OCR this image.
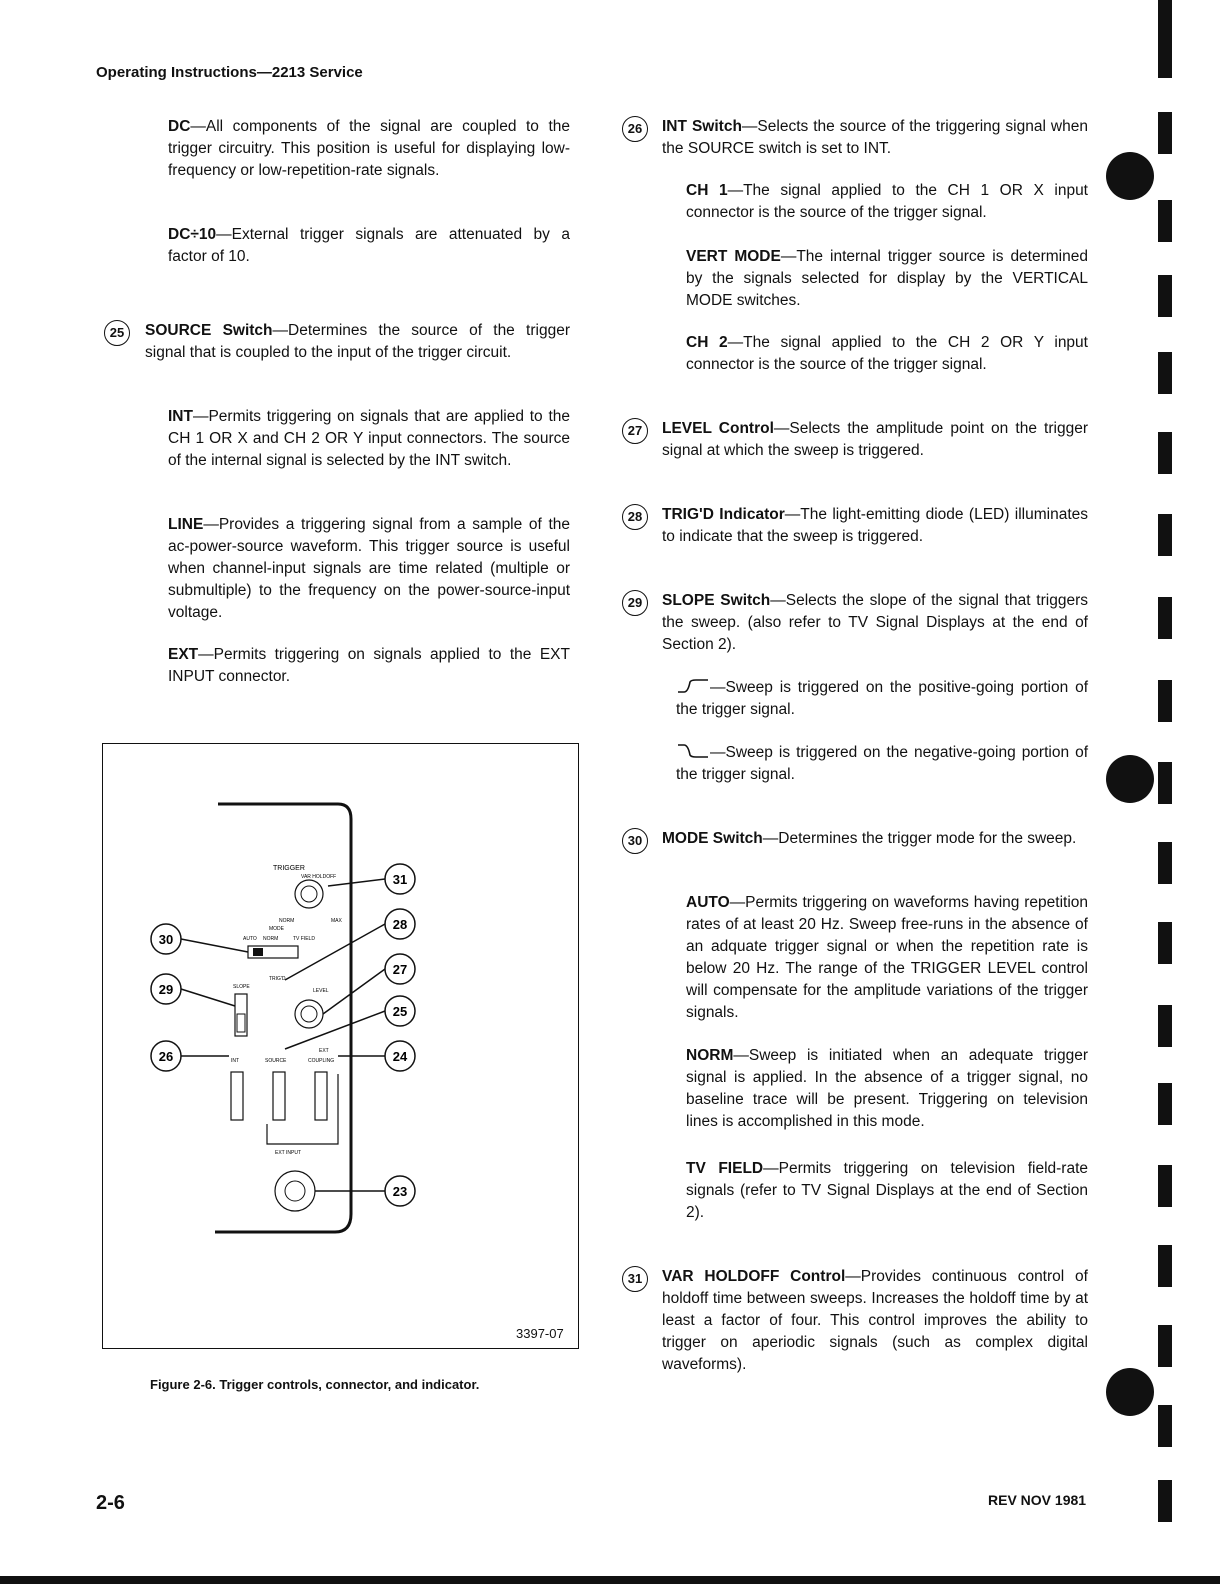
Operating Instructions—2213 Service
DC—All components of the signal are coupled to the trigger circuitry. This position is useful for displaying low-frequency or low-repetition-rate signals.
DC÷10—External trigger signals are attenuated by a factor of 10.
25	SOURCE Switch—Determines the source of the trigger signal that is coupled to the input of the trigger circuit.
INT—Permits triggering on signals that are applied to the CH 1 OR X and CH 2 OR Y input connectors. The source of the internal signal is selected by the INT switch.
LINE—Provides a triggering signal from a sample of the ac-power-source waveform. This trigger source is useful when channel-input signals are time related (multiple or submultiple) to the frequency on the power-source-input voltage.
EXT—Permits triggering on signals applied to the EXT INPUT connector.
TRIGGER
VAR HOLDOFF
NORM	MAX
MODE
AUTO NORM	TV FIELD
TRIG'D
SLOPE
LEVEL
INT	SOURCE	COUPLING
EXT
EXT INPUT
31
28
27
25
24
23
30
29
26
3397-07
Figure 2-6. Trigger controls, connector, and indicator.
26	INT Switch—Selects the source of the triggering signal when the SOURCE switch is set to INT.
CH 1—The signal applied to the CH 1 OR X input connector is the source of the trigger signal.
VERT MODE—The internal trigger source is determined by the signals selected for display by the VERTICAL MODE switches.
CH 2—The signal applied to the CH 2 OR Y input connector is the source of the trigger signal.
27	LEVEL Control—Selects the amplitude point on the trigger signal at which the sweep is triggered.
28	TRIG'D Indicator—The light-emitting diode (LED) illuminates to indicate that the sweep is triggered.
29	SLOPE Switch—Selects the slope of the signal that triggers the sweep. (also refer to TV Signal Displays at the end of Section 2).
—Sweep is triggered on the positive-going portion of the trigger signal.
—Sweep is triggered on the negative-going portion of the trigger signal.
30	MODE Switch—Determines the trigger mode for the sweep.
AUTO—Permits triggering on waveforms having repetition rates of at least 20 Hz. Sweep free-runs in the absence of an adquate trigger signal or when the repetition rate is below 20 Hz. The range of the TRIGGER LEVEL control will compensate for the amplitude variations of the trigger signals.
NORM—Sweep is initiated when an adequate trigger signal is applied. In the absence of a trigger signal, no baseline trace will be present. Triggering on television lines is accomplished in this mode.
TV FIELD—Permits triggering on television field-rate signals (refer to TV Signal Displays at the end of Section 2).
31	VAR HOLDOFF Control—Provides continuous control of holdoff time between sweeps. Increases the holdoff time by at least a factor of four. This control improves the ability to trigger on aperiodic signals (such as complex digital waveforms).
2-6	REV NOV 1981
